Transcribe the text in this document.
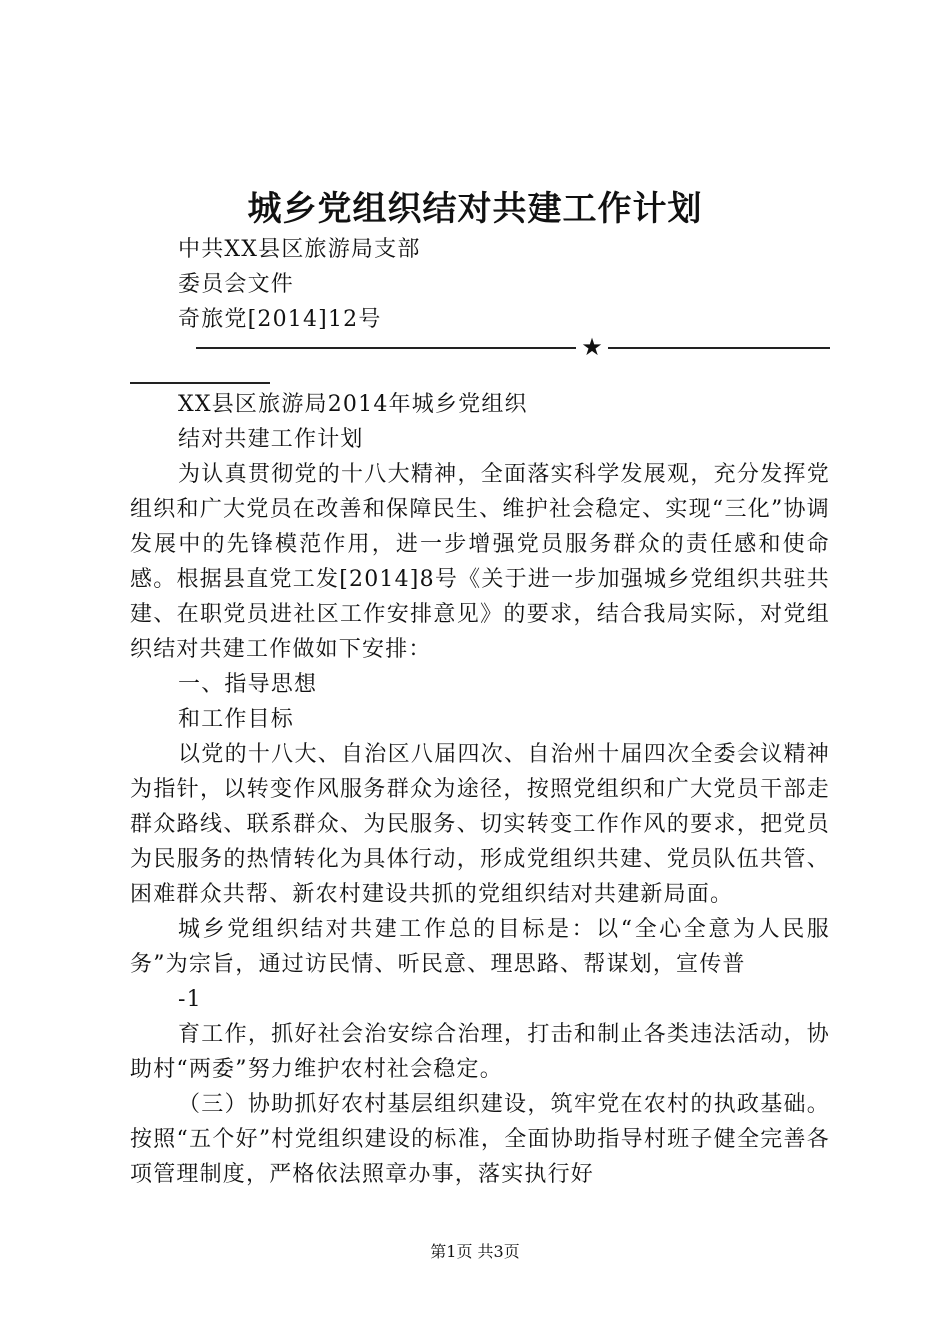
城乡党组织结对共建工作计划
中共XX县区旅游局支部
委员会文件
奇旅党[2014]12号
★
XX县区旅游局2014年城乡党组织
结对共建工作计划
为认真贯彻党的十八大精神，全面落实科学发展观，充分发挥党组织和广大党员在改善和保障民生、维护社会稳定、实现“三化”协调发展中的先锋模范作用，进一步增强党员服务群众的责任感和使命感。根据县直党工发[2014]8号《关于进一步加强城乡党组织共驻共建、在职党员进社区工作安排意见》的要求，结合我局实际，对党组织结对共建工作做如下安排：
一、指导思想
和工作目标
以党的十八大、自治区八届四次、自治州十届四次全委会议精神为指针，以转变作风服务群众为途径，按照党组织和广大党员干部走群众路线、联系群众、为民服务、切实转变工作作风的要求，把党员为民服务的热情转化为具体行动，形成党组织共建、党员队伍共管、困难群众共帮、新农村建设共抓的党组织结对共建新局面。
城乡党组织结对共建工作总的目标是：以“全心全意为人民服务”为宗旨，通过访民情、听民意、理思路、帮谋划，宣传普
-1
育工作，抓好社会治安综合治理，打击和制止各类违法活动，协助村“两委”努力维护农村社会稳定。
（三）协助抓好农村基层组织建设，筑牢党在农村的执政基础。按照“五个好”村党组织建设的标准，全面协助指导村班子健全完善各项管理制度，严格依法照章办事，落实执行好
第1页 共3页
